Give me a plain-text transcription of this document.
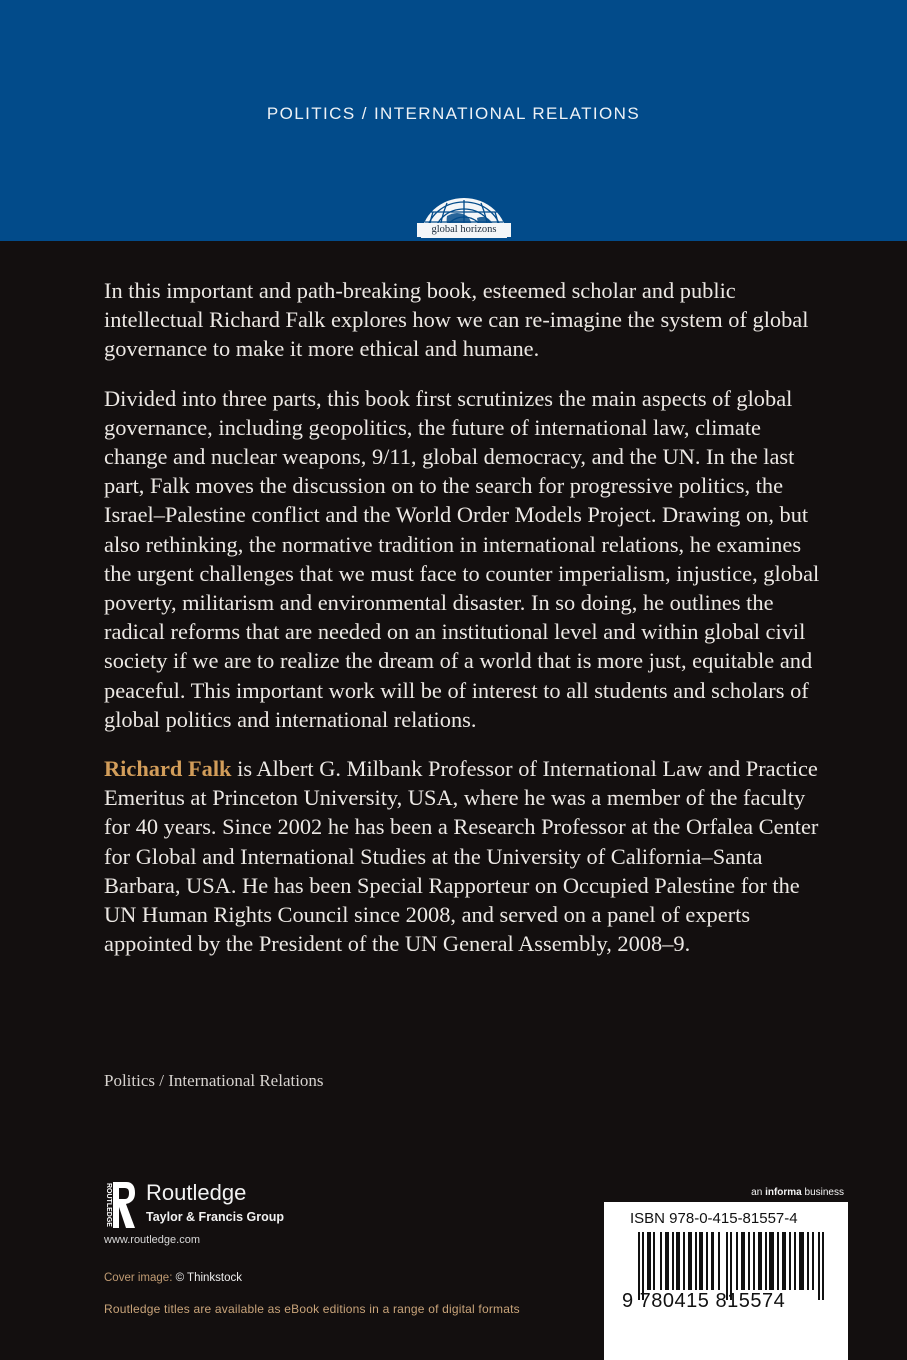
POLITICS / INTERNATIONAL RELATIONS
global horizons

In this important and path-breaking book, esteemed scholar and public intellectual Richard Falk explores how we can re-imagine the system of global governance to make it more ethical and humane.

Divided into three parts, this book first scrutinizes the main aspects of global governance, including geopolitics, the future of international law, climate change and nuclear weapons, 9/11, global democracy, and the UN. In the last part, Falk moves the discussion on to the search for progressive politics, the Israel–Palestine conflict and the World Order Models Project. Drawing on, but also rethinking, the normative tradition in international relations, he examines the urgent challenges that we must face to counter imperialism, injustice, global poverty, militarism and environmental disaster. In so doing, he outlines the radical reforms that are needed on an institutional level and within global civil society if we are to realize the dream of a world that is more just, equitable and peaceful. This important work will be of interest to all students and scholars of global politics and international relations.

Richard Falk is Albert G. Milbank Professor of International Law and Practice Emeritus at Princeton University, USA, where he was a member of the faculty for 40 years. Since 2002 he has been a Research Professor at the Orfalea Center for Global and International Studies at the University of California–Santa Barbara, USA. He has been Special Rapporteur on Occupied Palestine for the UN Human Rights Council since 2008, and served on a panel of experts appointed by the President of the UN General Assembly, 2008–9.

Politics / International Relations
ROUTLEDGE Routledge
Taylor & Francis Group
www.routledge.com
Cover image: © Thinkstock
Routledge titles are available as eBook editions in a range of digital formats
an informa business
ISBN 978-0-415-81557-4
9 780415 815574
